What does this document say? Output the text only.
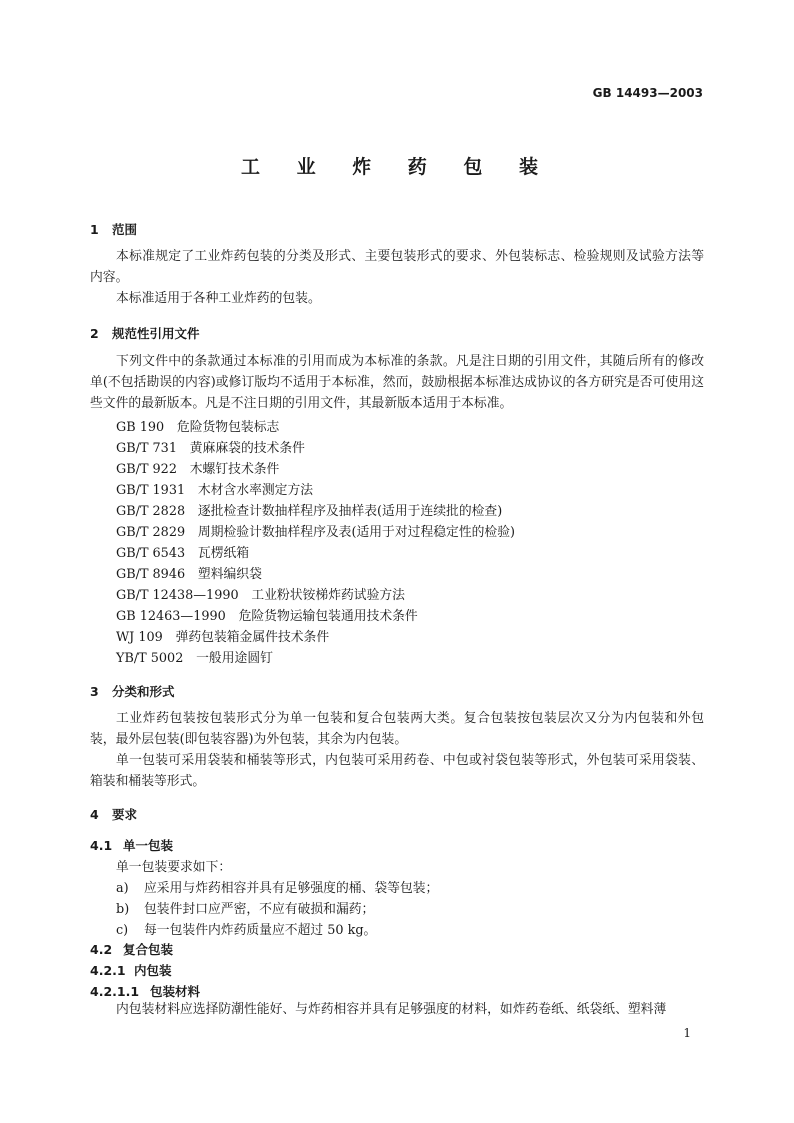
GB 14493—2003
工 业 炸 药 包 装
1 范围
本标准规定了工业炸药包装的分类及形式、主要包装形式的要求、外包装标志、检验规则及试验方法等内容。
本标准适用于各种工业炸药的包装。
2 规范性引用文件
下列文件中的条款通过本标准的引用而成为本标准的条款。凡是注日期的引用文件，其随后所有的修改单(不包括勘误的内容)或修订版均不适用于本标准，然而，鼓励根据本标准达成协议的各方研究是否可使用这些文件的最新版本。凡是不注日期的引用文件，其最新版本适用于本标准。
GB 190　危险货物包装标志
GB/T 731　黄麻麻袋的技术条件
GB/T 922　木螺钉技术条件
GB/T 1931　木材含水率测定方法
GB/T 2828　逐批检查计数抽样程序及抽样表(适用于连续批的检查)
GB/T 2829　周期检验计数抽样程序及表(适用于对过程稳定性的检验)
GB/T 6543　瓦楞纸箱
GB/T 8946　塑料编织袋
GB/T 12438—1990　工业粉状铵梯炸药试验方法
GB 12463—1990　危险货物运输包装通用技术条件
WJ 109　弹药包装箱金属件技术条件
YB/T 5002　一般用途圆钉
3 分类和形式
工业炸药包装按包装形式分为单一包装和复合包装两大类。复合包装按包装层次又分为内包装和外包装，最外层包装(即包装容器)为外包装，其余为内包装。
单一包装可采用袋装和桶装等形式，内包装可采用药卷、中包或衬袋包装等形式，外包装可采用袋装、箱装和桶装等形式。
4 要求
4.1 单一包装
单一包装要求如下：
a) 应采用与炸药相容并具有足够强度的桶、袋等包装；
b) 包装件封口应严密，不应有破损和漏药；
c) 每一包装件内炸药质量应不超过 50 kg。
4.2 复合包装
4.2.1 内包装
4.2.1.1 包装材料
内包装材料应选择防潮性能好、与炸药相容并具有足够强度的材料，如炸药卷纸、纸袋纸、塑料薄
1
